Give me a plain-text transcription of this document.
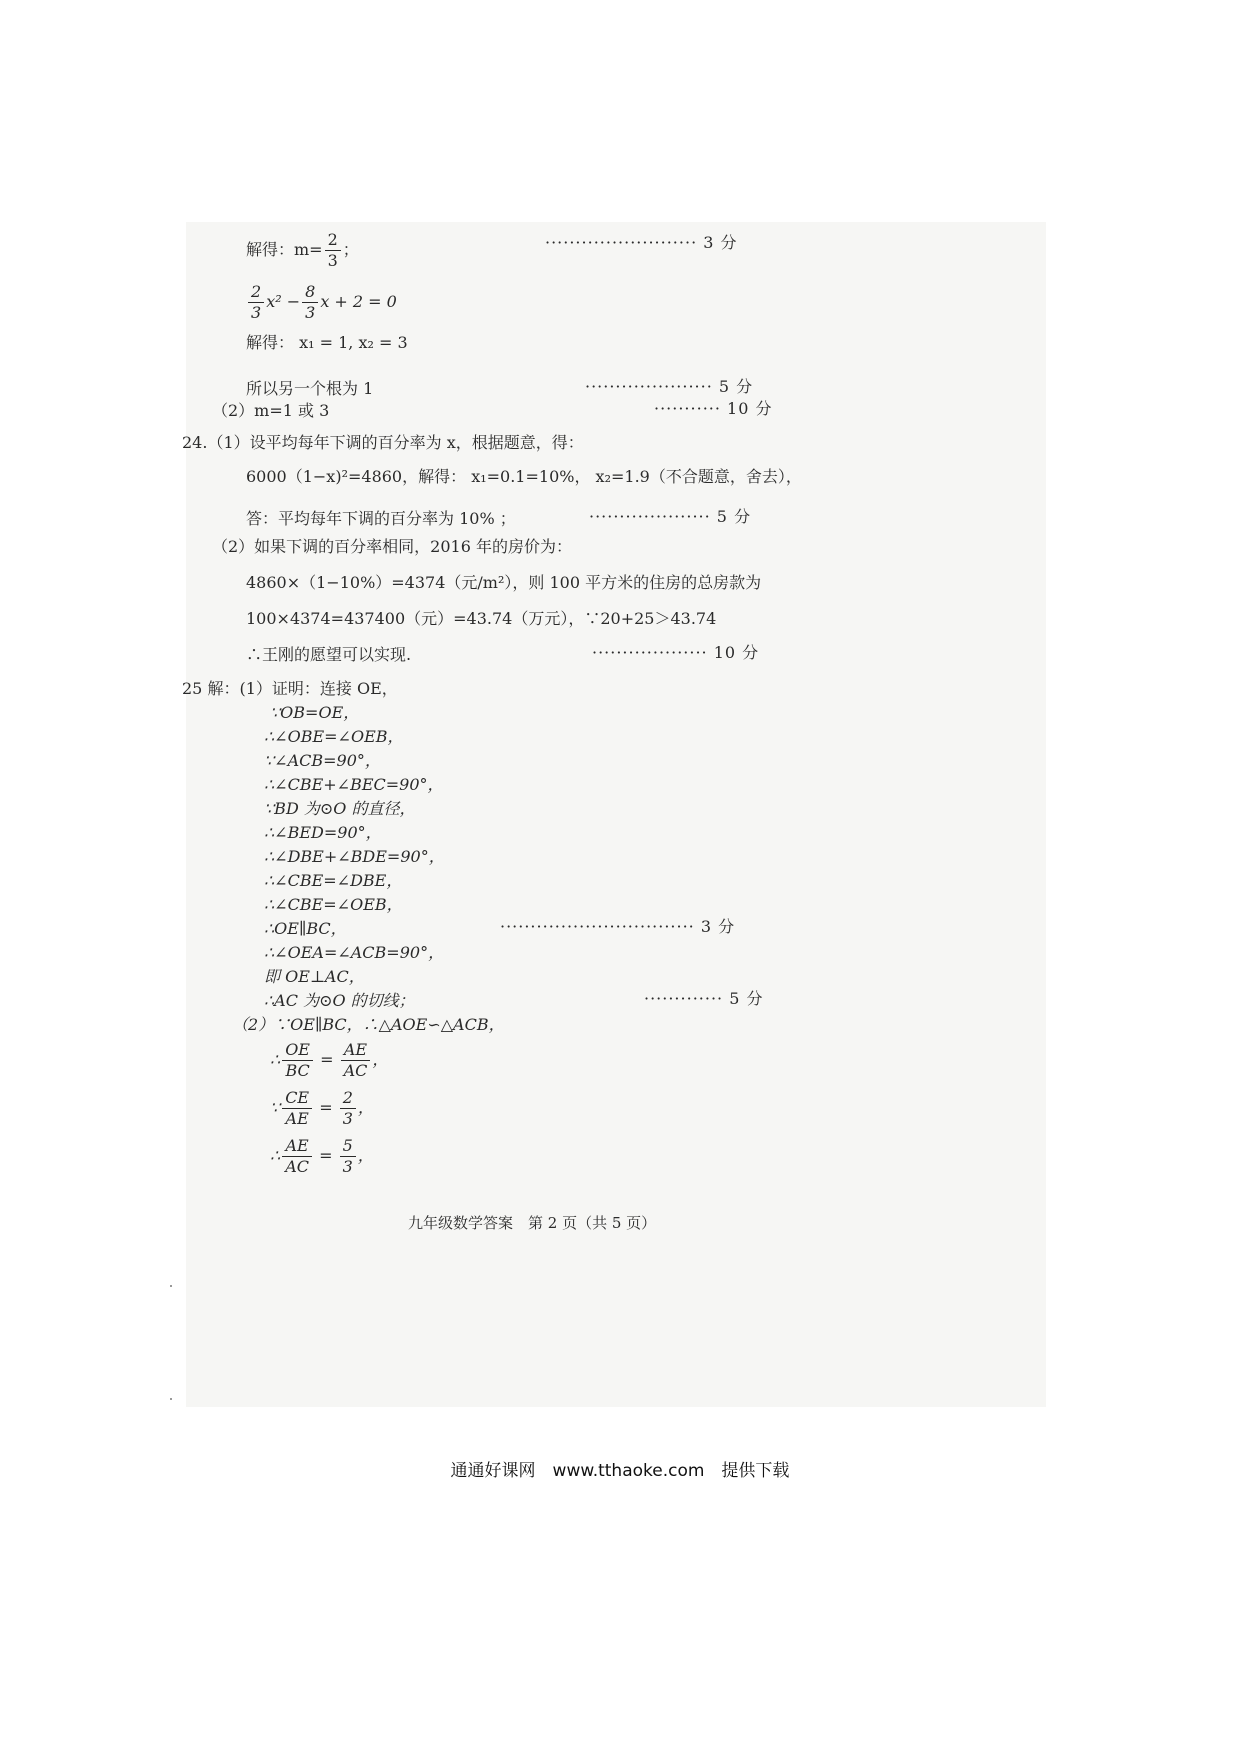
解得：$m= \frac{2}{3}$ ；	························· 3 分
$\frac{2}{3} x^2 - \frac{8}{3}$ x + 2 = 0
解得： x₁ = 1, x₂ = 3
所以另一个根为 1	····················· 5 分
（2）m=1 或 3	··········· 10 分
24.（1）设平均每年下调的百分率为 x，根据题意，得：
6000（1−x)²=4860，解得： x₁=0.1=10%， x₂=1.9（不合题意，舍去），
答：平均每年下调的百分率为 10% ；	···················· 5 分
（2）如果下调的百分率相同，2016 年的房价为：
4860×（1−10%）=4374（元/m²），则 100 平方米的住房的总房款为
100×4374=437400（元）=43.74（万元），∵20+25＞43.74
∴王刚的愿望可以实现.	··················· 10 分
25 解：(1）证明：连接 OE，
∵OB=OE，
∴∠OBE=∠OEB，
∵∠ACB=90°，
∴∠CBE+∠BEC=90°，
∵BD 为⊙O 的直径，
∴∠BED=90°，
∴∠DBE+∠BDE=90°，
∴∠CBE=∠DBE，
∴∠CBE=∠OEB，
∴OE∥BC，	································ 3 分
∴∠OEA=∠ACB=90°，
即 OE⊥AC，
∴AC 为⊙O 的切线；	············· 5 分
（2）∵OE∥BC，∴△AOE∽△ACB，
∴ $\frac{OE}{BC} = \frac{AE}{AC}$ ，
∵ $\frac{CE}{AE} = \frac{2}{3}$ ，
∴ $\frac{AE}{AC} = \frac{5}{3}$ ，
九年级数学答案　第 2 页（共 5 页）
通通好课网　www.tthaoke.com　提供下载
